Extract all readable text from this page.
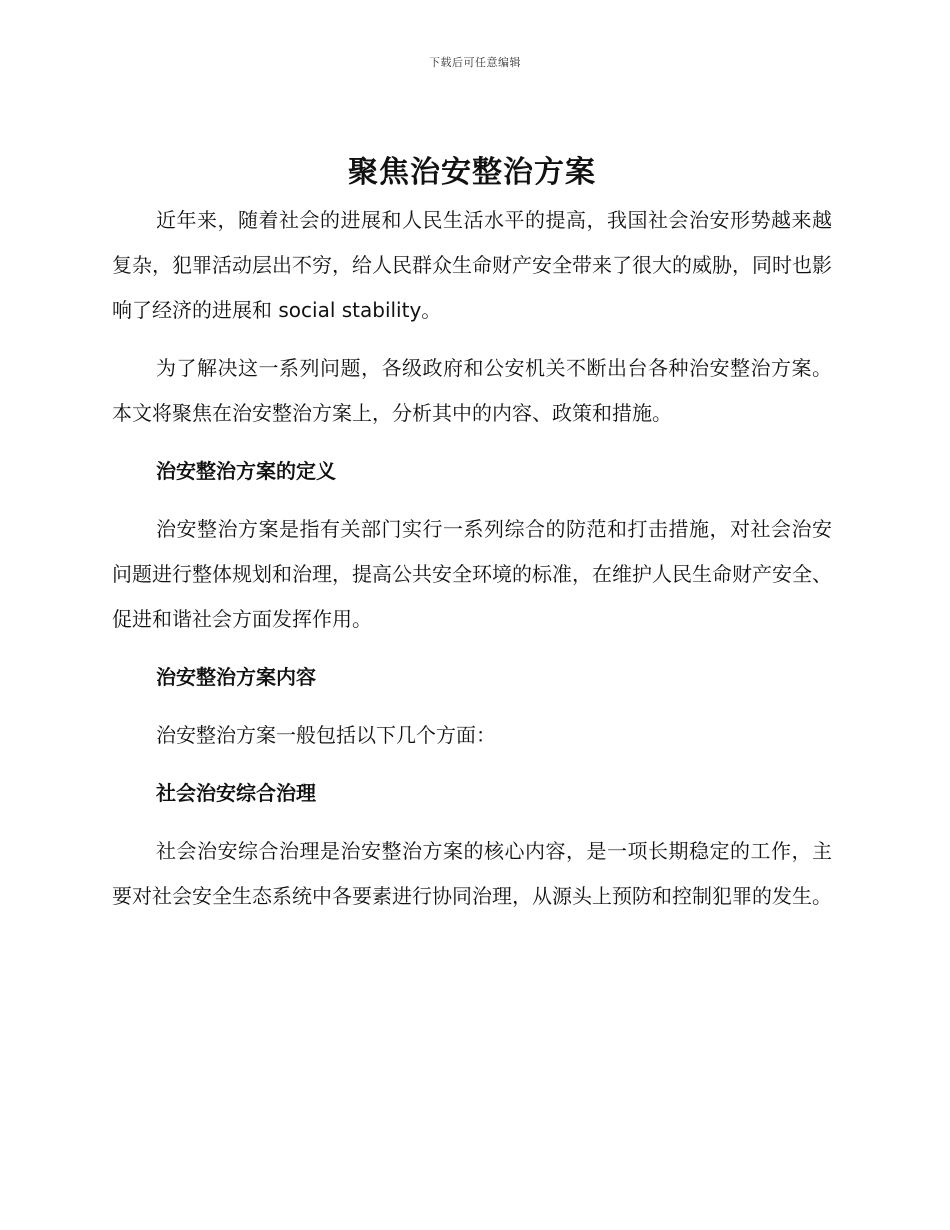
下载后可任意编辑
聚焦治安整治方案

近年来，随着社会的进展和人民生活水平的提高，我国社会治安形势越来越复杂，犯罪活动层出不穷，给人民群众生命财产安全带来了很大的威胁，同时也影响了经济的进展和 social stability。

为了解决这一系列问题，各级政府和公安机关不断出台各种治安整治方案。本文将聚焦在治安整治方案上，分析其中的内容、政策和措施。

治安整治方案的定义

治安整治方案是指有关部门实行一系列综合的防范和打击措施，对社会治安问题进行整体规划和治理，提高公共安全环境的标准，在维护人民生命财产安全、促进和谐社会方面发挥作用。

治安整治方案内容

治安整治方案一般包括以下几个方面：

社会治安综合治理

社会治安综合治理是治安整治方案的核心内容，是一项长期稳定的工作，主要对社会安全生态系统中各要素进行协同治理，从源头上预防和控制犯罪的发生。
